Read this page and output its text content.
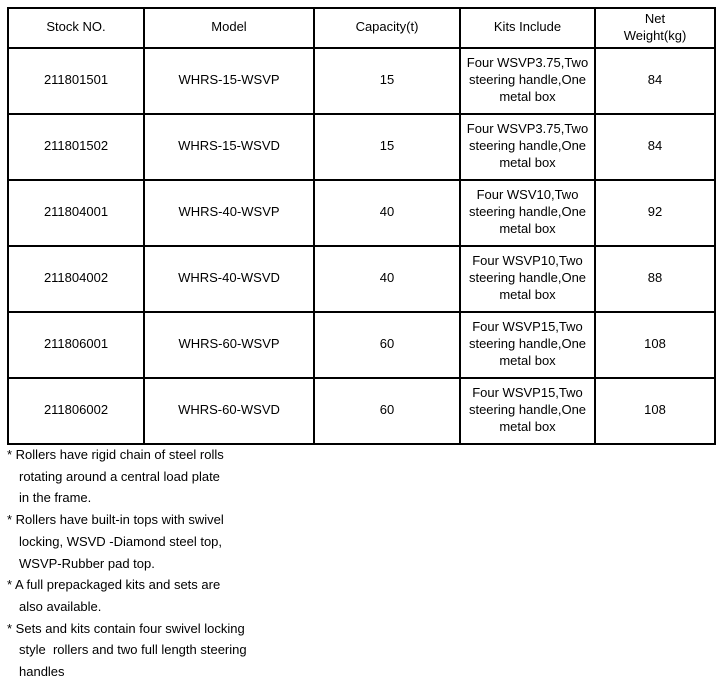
Stock NO.	Model	Capacity(t)	Kits Include	Net
Weight(kg)
211801501	WHRS-15-WSVP	15	Four WSVP3.75,Two steering handle,One metal box	84
211801502	WHRS-15-WSVD	15	Four WSVP3.75,Two steering handle,One metal box	84
211804001	WHRS-40-WSVP	40	Four WSV10,Two steering handle,One metal box	92
211804002	WHRS-40-WSVD	40	Four WSVP10,Two steering handle,One metal box	88
211806001	WHRS-60-WSVP	60	Four WSVP15,Two steering handle,One metal box	108
211806002	WHRS-60-WSVD	60	Four WSVP15,Two steering handle,One metal box	108
* Rollers have rigid chain of steel rolls
rotating around a central load plate
in the frame.
* Rollers have built-in tops with swivel
locking, WSVD -Diamond steel top,
WSVP-Rubber pad top.
* A full prepackaged kits and sets are
also available.
* Sets and kits contain four swivel locking
style  rollers and two full length steering
handles
